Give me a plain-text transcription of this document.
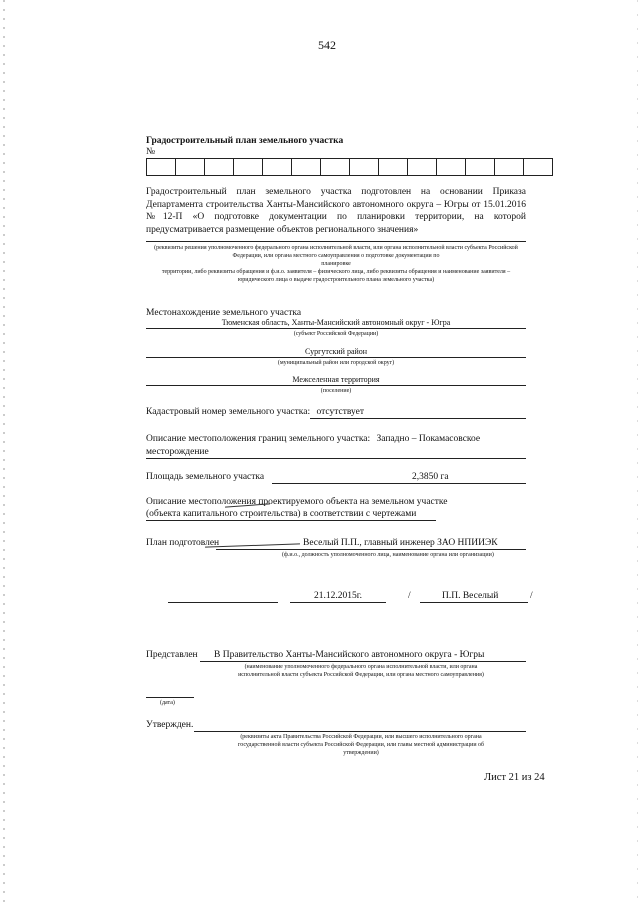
542
Градостроительный план земельного участка
№

Градостроительный план земельного участка подготовлен на основании Приказа Департамента строительства Ханты-Мансийского автономного округа – Югры от 15.01.2016 №12-П «О подготовке документации по планировки территории, на которой предусматривается размещение объектов регионального значения»
(реквизиты решения уполномоченного федерального органа исполнительной власти, или органа исполнительной власти субъекта Российской Федерации, или органа местного самоуправления о подготовке документации по
планировке
территории, либо реквизиты обращения и ф.и.о. заявителя – физического лица, либо реквизиты обращения и наименование заявителя – юридического лица о выдаче градостроительного плана земельного участка)
Местонахождение земельного участка
Тюменская область, Ханты-Мансийский автономный округ - Югра
(субъект Российской Федерации)
Сургутский район
(муниципальный район или городской округ)
Межселенная территория
(поселение)
Кадастровый номер земельного участка: отсутствует
Описание местоположения границ земельного участка: Западно – Покамасовское
месторождение
Площадь земельного участка	2,3850 га
Описание местоположения проектируемого объекта на земельном участке
(объекта капитального строительства) в соответствии с чертежами
План подготовлен	Веселый П.П., главный инженер ЗАО НПИИЭК
(ф.и.о., должность уполномоченного лица, наименование органа или организации)
21.12.2015г.	/	П.П. Веселый	/
Представлен В Правительство Ханты-Мансийского автономного округа - Югры
(наименование уполномоченного федерального органа исполнительной власти, или органа
исполнительной власти субъекта Российской Федерации, или органа местного самоуправления)
(дата)
Утвержден.
(реквизиты акта Правительства Российской Федерации, или высшего исполнительного органа
государственной власти субъекта Российской Федерации, или главы местной администрации об
утверждении)
Лист 21 из 24
